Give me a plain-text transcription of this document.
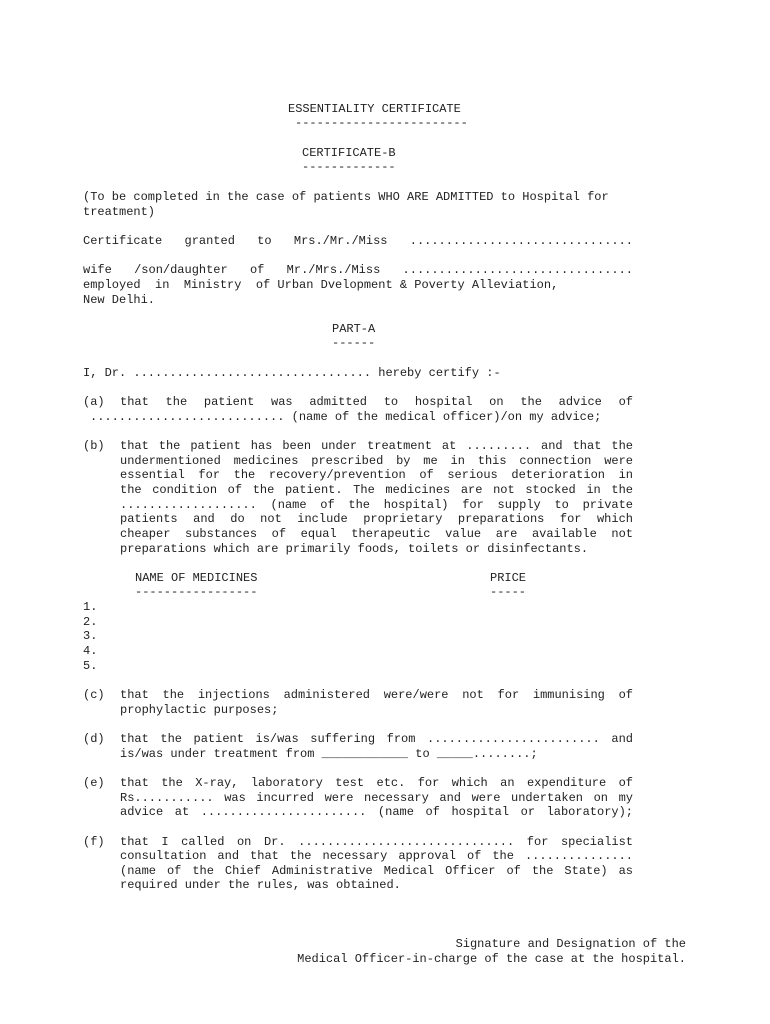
ESSENTIALITY CERTIFICATE
------------------------
CERTIFICATE-B
-------------
(To be completed in the case of patients WHO ARE ADMITTED to Hospital for
treatment)
Certificate granted to Mrs./Mr./Miss ...............................
wife /son/daughter of Mr./Mrs./Miss ................................
employed  in  Ministry  of Urban Dvelopment & Poverty Alleviation,
New Delhi.
PART-A
------
I, Dr. ................................. hereby certify :-
(a) that the patient was admitted to hospital on the advice of
........................... (name of the medical officer)/on my advice;
(b) that the patient has been under treatment at ......... and that the
undermentioned medicines prescribed by me in this connection were
essential for the recovery/prevention of serious deterioration in
the condition of the patient. The medicines are not stocked in the
................... (name of the hospital) for supply to private
patients and do not include proprietary preparations for which
cheaper substances of equal therapeutic value are available not
preparations which are primarily foods, toilets or disinfectants.
NAME OF MEDICINES
-----------------
PRICE
-----
1.
2.
3.
4.
5.
(c) that the injections administered were/were not for immunising of
prophylactic purposes;
(d) that the patient is/was suffering from ........................ and
is/was under treatment from ____________ to _____........;
(e) that the X-ray, laboratory test etc. for which an expenditure of
Rs........... was incurred were necessary and were undertaken on my
advice at ....................... (name of hospital or laboratory);
(f) that I called on Dr. .............................. for specialist
consultation and that the necessary approval of the ...............
(name of the Chief Administrative Medical Officer of the State) as
required under the rules, was obtained.
Signature and Designation of the
Medical Officer-in-charge of the case at the hospital.
